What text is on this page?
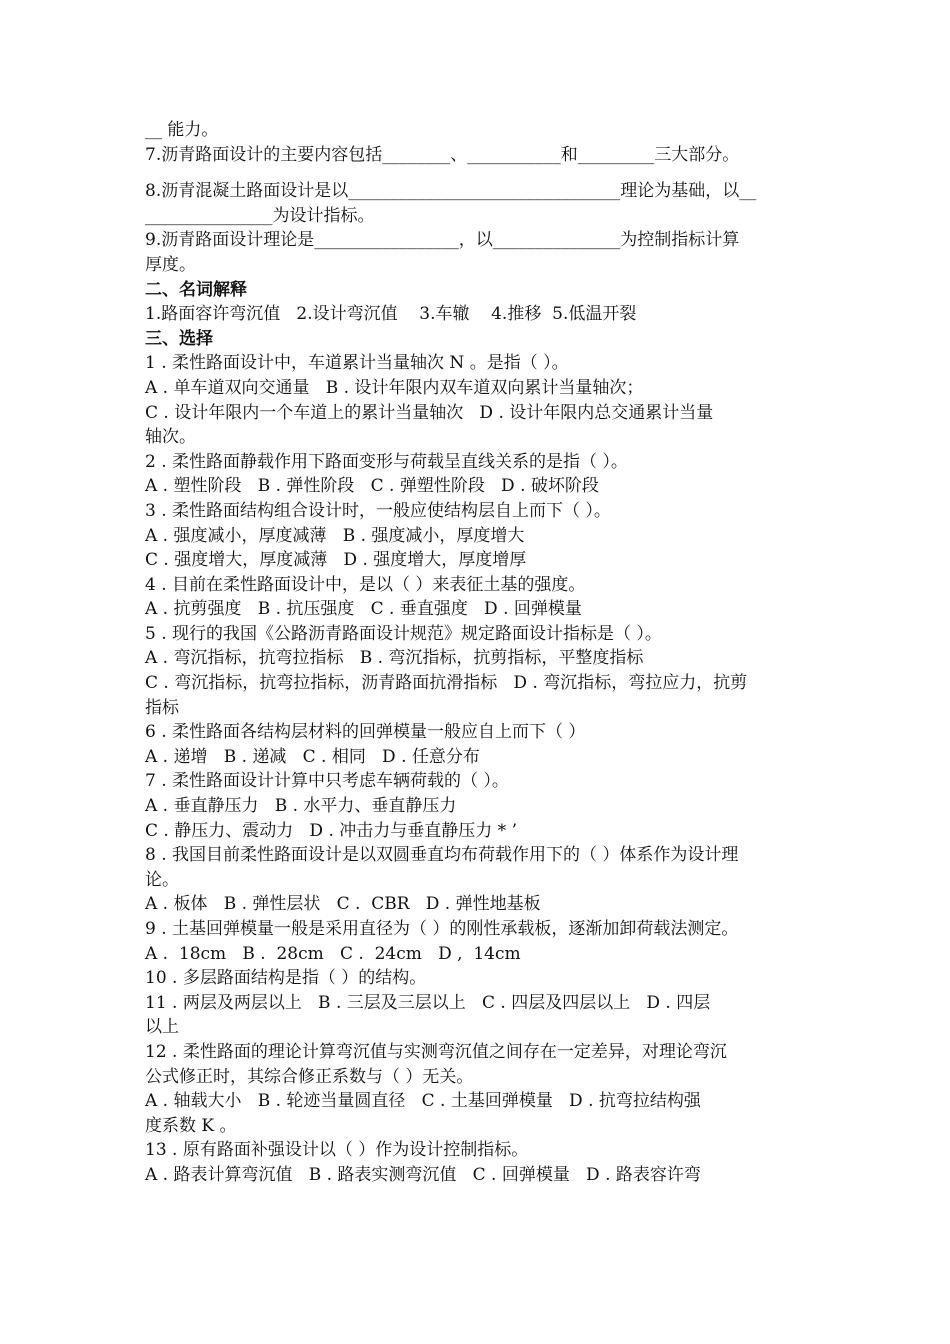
__ 能力。
7.沥青路面设计的主要内容包括________、___________和_________三大部分。
8.沥青混凝土路面设计是以________________________________理论为基础，以__
_______________为设计指标。
9.沥青路面设计理论是_________________，以_______________为控制指标计算
厚度。
二、名词解释
1.路面容许弯沉值   2.设计弯沉值    3.车辙    4.推移  5.低温开裂
三、选择
1 . 柔性路面设计中，车道累计当量轴次 N 。是指（ ）。
A . 单车道双向交通量   B . 设计年限内双车道双向累计当量轴次；
C . 设计年限内一个车道上的累计当量轴次   D . 设计年限内总交通累计当量
轴次。
2 . 柔性路面静载作用下路面变形与荷载呈直线关系的是指（ ）。
A . 塑性阶段   B . 弹性阶段   C . 弹塑性阶段   D . 破坏阶段
3 . 柔性路面结构组合设计时，一般应使结构层自上而下（ ）。
A . 强度减小，厚度减薄   B . 强度减小，厚度增大
C . 强度增大，厚度减薄   D . 强度增大，厚度增厚
4 . 目前在柔性路面设计中，是以（ ）来表征土基的强度。
A . 抗剪强度   B . 抗压强度   C . 垂直强度   D . 回弹模量
5 . 现行的我国《公路沥青路面设计规范》规定路面设计指标是（ ）。
A . 弯沉指标，抗弯拉指标   B . 弯沉指标，抗剪指标，平整度指标
C . 弯沉指标，抗弯拉指标，沥青路面抗滑指标   D . 弯沉指标，弯拉应力，抗剪
指标
6 . 柔性路面各结构层材料的回弹模量一般应自上而下（ ）
A . 递增   B . 递减   C . 相同   D . 任意分布
7 . 柔性路面设计计算中只考虑车辆荷载的（ ）。
A . 垂直静压力   B . 水平力、垂直静压力
C . 静压力、震动力   D . 冲击力与垂直静压力 * ’
8 . 我国目前柔性路面设计是以双圆垂直均布荷载作用下的（ ）体系作为设计理
论。
A . 板体   B . 弹性层状   C .  CBR   D . 弹性地基板
9 . 土基回弹模量一般是采用直径为（ ）的刚性承载板，逐渐加卸荷载法测定。
A .  18cm   B .  28cm   C .  24cm   D ,  14cm
10 . 多层路面结构是指（ ）的结构。
11 . 两层及两层以上   B . 三层及三层以上   C . 四层及四层以上   D . 四层
以上
12 . 柔性路面的理论计算弯沉值与实测弯沉值之间存在一定差异，对理论弯沉
公式修正时，其综合修正系数与（ ）无关。
A . 轴载大小   B . 轮迹当量圆直径   C . 土基回弹模量   D . 抗弯拉结构强
度系数 K 。
13 . 原有路面补强设计以（ ）作为设计控制指标。
A . 路表计算弯沉值   B . 路表实测弯沉值   C . 回弹模量   D . 路表容许弯
